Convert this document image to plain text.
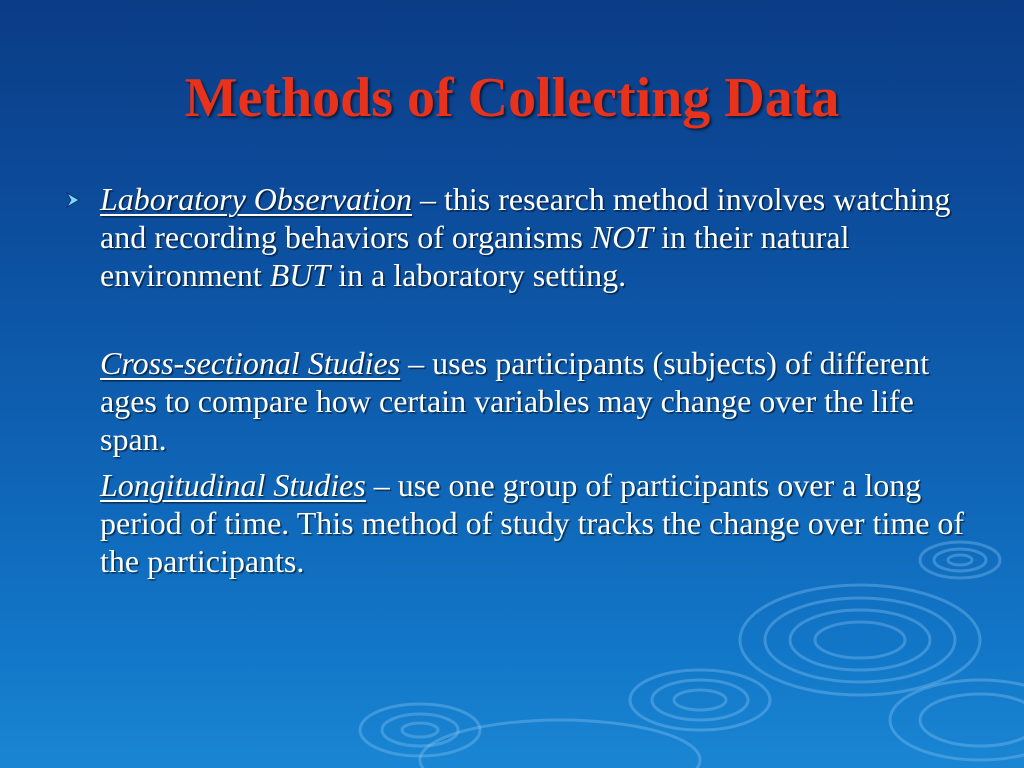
Methods of Collecting Data

Laboratory Observation – this research method involves watching and recording behaviors of organisms NOT in their natural environment BUT in a laboratory setting.

Cross-sectional Studies – uses participants (subjects) of different ages to compare how certain variables may change over the life span.

Longitudinal Studies – use one group of participants over a long period of time. This method of study tracks the change over time of the participants.
